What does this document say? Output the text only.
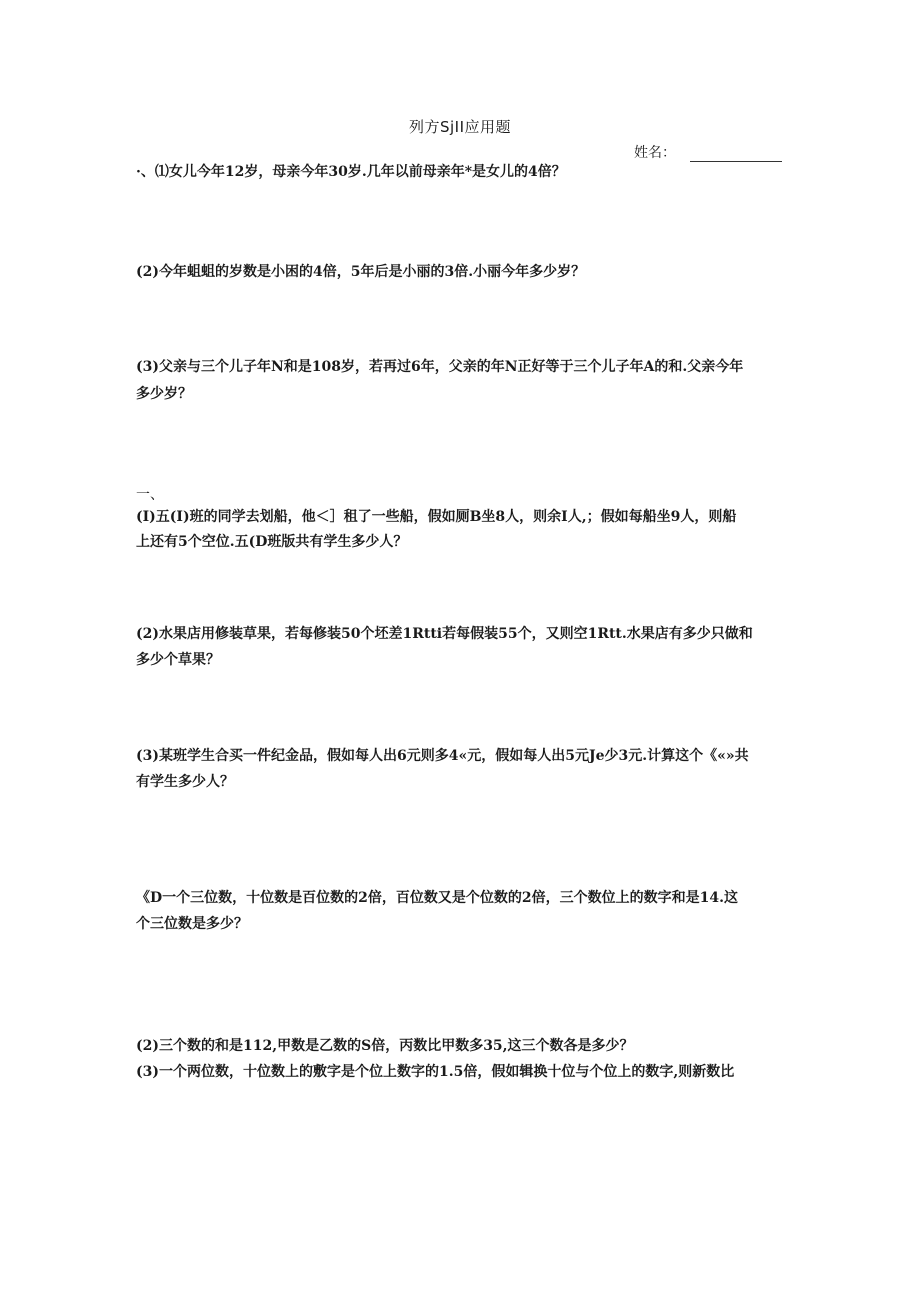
列方SjII应用题
姓名：
·、⑴女儿今年12岁，母亲今年30岁.几年以前母亲年*是女儿的4倍？
(2)今年蛆蛆的岁数是小困的4倍，5年后是小丽的3倍.小丽今年多少岁？
(3)父亲与三个儿子年N和是108岁，若再过6年，父亲的年N正好等于三个儿子年A的和.父亲今年
多少岁？
一、
(I)五(I)班的同学去划船，他＜］租了一些船，假如厕B坐8人，则余I人,；假如每船坐9人，则船
上还有5个空位.五(D班版共有学生多少人？
(2)水果店用修装草果，若每修装50个坯差1Rtti若每假装55个，又则空1Rtt.水果店有多少只做和
多少个草果？
(3)某班学生合买一件纪金品，假如每人出6元则多4«元，假如每人出5元Je少3元.计算这个《«»共
有学生多少人？
《D一个三位数，十位数是百位数的2倍，百位数又是个位数的2倍，三个数位上的数字和是14.这
个三位数是多少？
(2)三个数的和是112,甲数是乙数的S倍，丙数比甲数多35,这三个数各是多少？
(3)一个两位数，十位数上的敷字是个位上数字的1.5倍，假如辑换十位与个位上的数字,则新数比
